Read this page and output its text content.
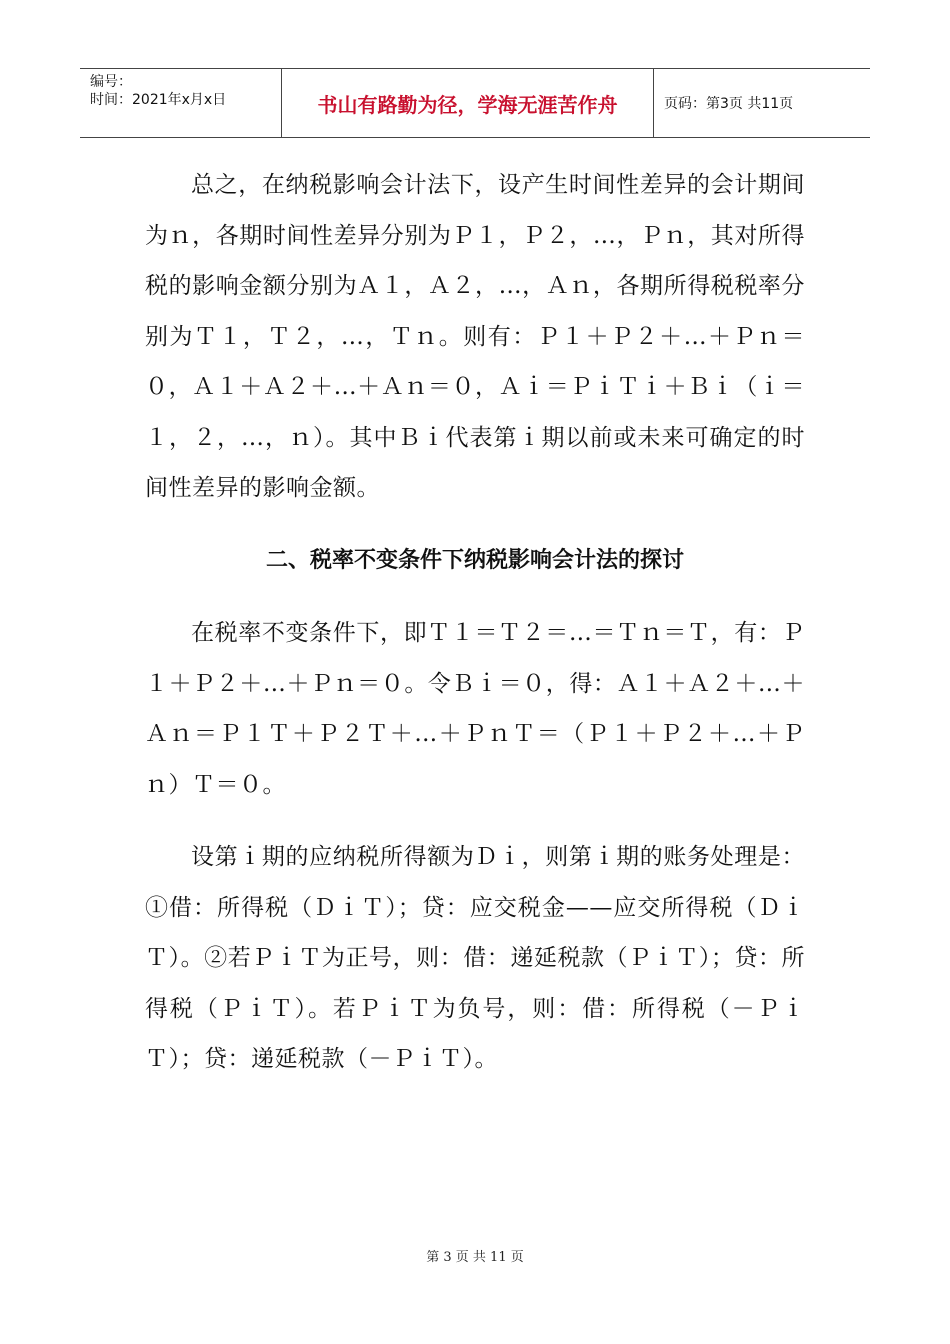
编号：
时间：2021年x月x日	书山有路勤为径，学海无涯苦作舟	页码：第3页 共11页

总之，在纳税影响会计法下，设产生时间性差异的会计期间为ｎ，各期时间性差异分别为Ｐ１，Ｐ２，…，Ｐｎ，其对所得税的影响金额分别为Ａ１，Ａ２，…，Ａｎ，各期所得税税率分别为Ｔ１，Ｔ２，…，Ｔｎ。则有：Ｐ１＋Ｐ２＋…＋Ｐｎ＝０，Ａ１＋Ａ２＋…＋Ａｎ＝０，Ａｉ＝ＰｉＴｉ＋Ｂｉ（ｉ＝１，２，…，ｎ）。其中Ｂｉ代表第ｉ期以前或未来可确定的时间性差异的影响金额。

二、税率不变条件下纳税影响会计法的探讨

在税率不变条件下，即Ｔ１＝Ｔ２＝…＝Ｔｎ＝Ｔ，有：Ｐ１＋Ｐ２＋…＋Ｐｎ＝０。令Ｂｉ＝０，得：Ａ１＋Ａ２＋…＋Ａｎ＝Ｐ１Ｔ＋Ｐ２Ｔ＋…＋ＰｎＴ＝（Ｐ１＋Ｐ２＋…＋Ｐｎ）Ｔ＝０。

设第ｉ期的应纳税所得额为Ｄｉ，则第ｉ期的账务处理是：①借：所得税（ＤｉＴ）；贷：应交税金——应交所得税（ＤｉＴ）。②若ＰｉＴ为正号，则：借：递延税款（ＰｉＴ）；贷：所得税（ＰｉＴ）。若ＰｉＴ为负号，则：借：所得税（－ＰｉＴ）；贷：递延税款（－ＰｉＴ）。

第 3 页 共 11 页
